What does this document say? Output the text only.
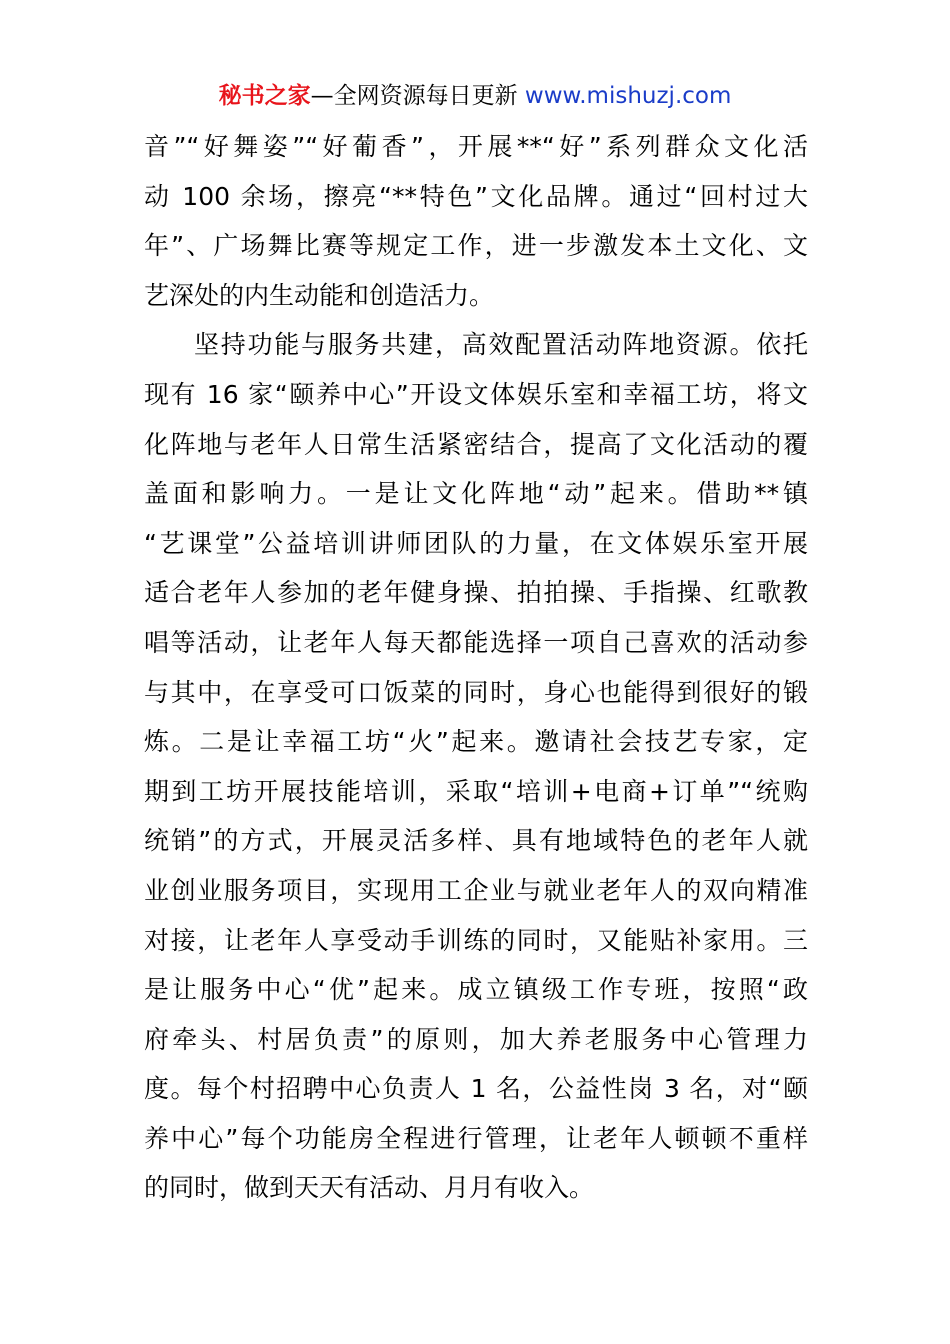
秘书之家—全网资源每日更新 www.mishuzj.com
音”“好舞姿”“好葡香”，开展**“好”系列群众文化活
动 100 余场，擦亮“**特色”文化品牌。通过“回村过大
年”、广场舞比赛等规定工作，进一步激发本土文化、文
艺深处的内生动能和创造活力。
坚持功能与服务共建，高效配置活动阵地资源。依托
现有 16 家“颐养中心”开设文体娱乐室和幸福工坊，将文
化阵地与老年人日常生活紧密结合，提高了文化活动的覆
盖面和影响力。一是让文化阵地“动”起来。借助**镇
“艺课堂”公益培训讲师团队的力量，在文体娱乐室开展
适合老年人参加的老年健身操、拍拍操、手指操、红歌教
唱等活动，让老年人每天都能选择一项自己喜欢的活动参
与其中，在享受可口饭菜的同时，身心也能得到很好的锻
炼。二是让幸福工坊“火”起来。邀请社会技艺专家，定
期到工坊开展技能培训，采取“培训+电商+订单”“统购
统销”的方式，开展灵活多样、具有地域特色的老年人就
业创业服务项目，实现用工企业与就业老年人的双向精准
对接，让老年人享受动手训练的同时，又能贴补家用。三
是让服务中心“优”起来。成立镇级工作专班，按照“政
府牵头、村居负责”的原则，加大养老服务中心管理力
度。每个村招聘中心负责人 1 名，公益性岗 3 名，对“颐
养中心”每个功能房全程进行管理，让老年人顿顿不重样
的同时，做到天天有活动、月月有收入。
